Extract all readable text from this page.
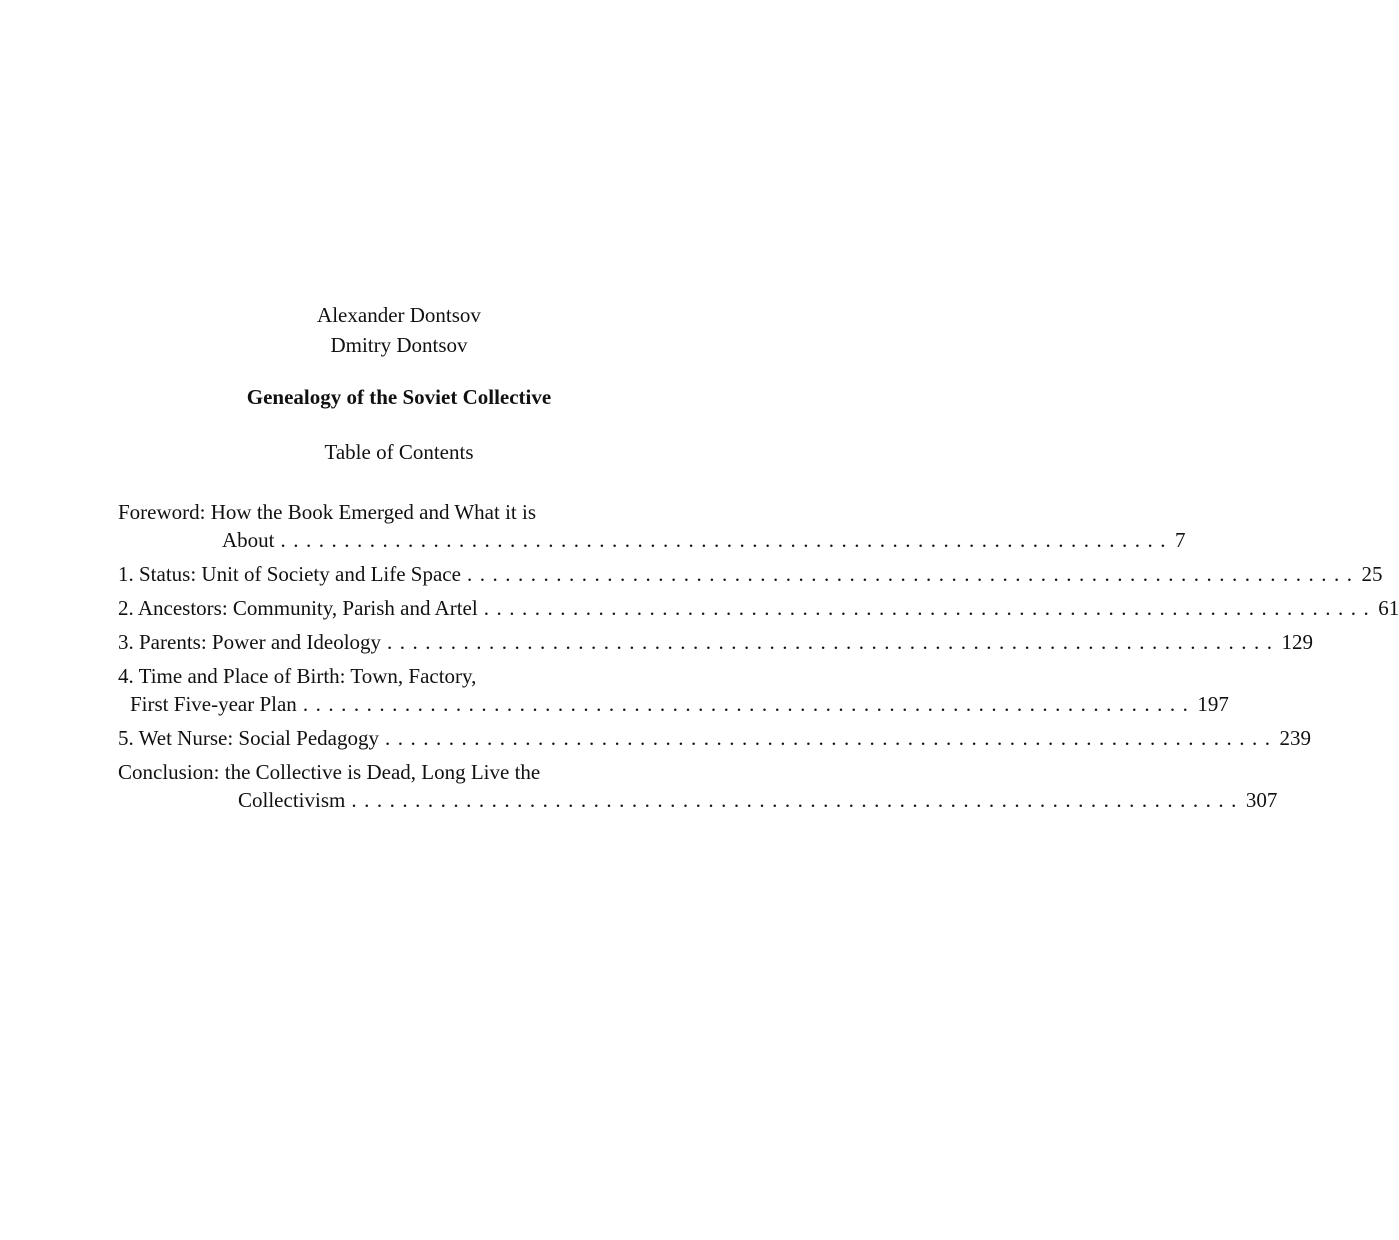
Alexander Dontsov
Dmitry Dontsov
Genealogy of the Soviet Collective
Table of Contents
Foreword: How the Book Emerged and What it is
About ...................................................................... 7
1. Status: Unit of Society and Life Space ...................................................................... 25
2. Ancestors: Community, Parish and Artel ...................................................................... 61
3. Parents: Power and Ideology ...................................................................... 129
4. Time and Place of Birth: Town, Factory,
First Five-year Plan ...................................................................... 197
5. Wet Nurse: Social Pedagogy ...................................................................... 239
Conclusion: the Collective is Dead, Long Live the
Collectivism ...................................................................... 307
